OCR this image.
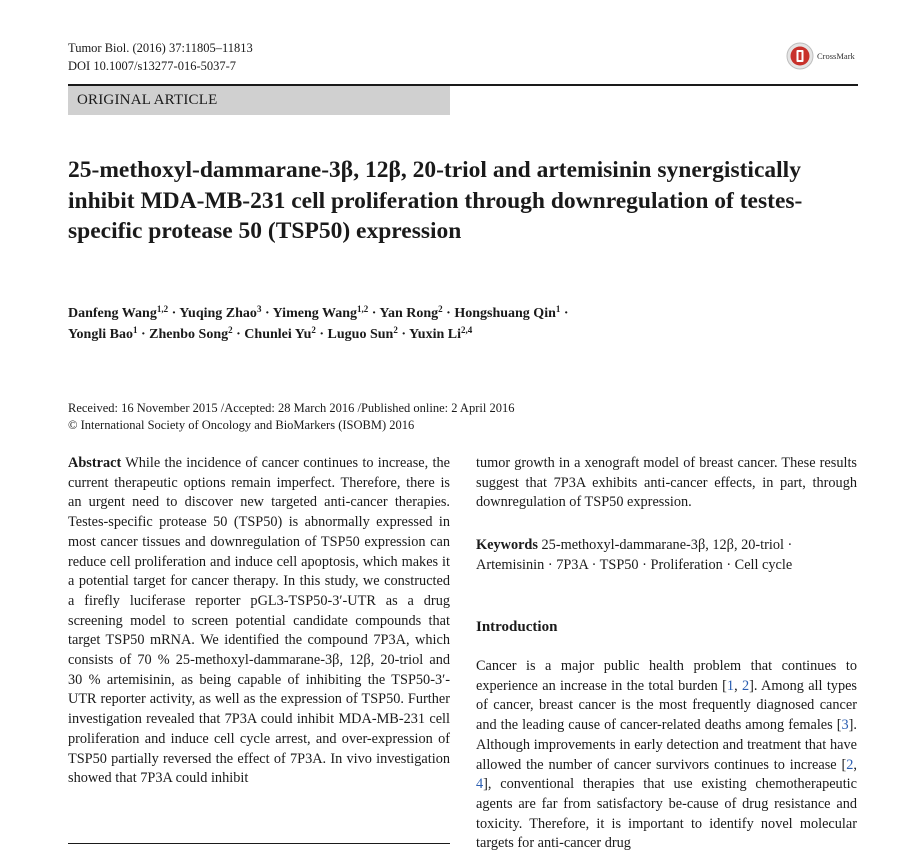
Tumor Biol. (2016) 37:11805–11813
DOI 10.1007/s13277-016-5037-7
CrossMark
ORIGINAL ARTICLE
25-methoxyl-dammarane-3β, 12β, 20-triol and artemisinin synergistically inhibit MDA-MB-231 cell proliferation through downregulation of testes-specific protease 50 (TSP50) expression
Danfeng Wang$^{1,2}$ · Yuqing Zhao$^3$ · Yimeng Wang$^{1,2}$ · Yan Rong$^2$ · Hongshuang Qin$^1$ ·
Yongli Bao$^1$ · Zhenbo Song$^2$ · Chunlei $Yu^2$ · Luguo Sun$^2$ · Yuxin Li$^{2,4}$
Received: 16 November 2015 /Accepted: 28 March 2016 /Published online: 2 April 2016
© International Society of Oncology and BioMarkers (ISOBM) 2016
Abstract While the incidence of cancer continues to increase, the current therapeutic options remain imperfect. Therefore, there is an urgent need to discover new targeted anti-cancer therapies. Testes-specific protease 50 (TSP50) is abnormally expressed in most cancer tissues and downregulation of TSP50 expression can reduce cell proliferation and induce cell apoptosis, which makes it a potential target for cancer therapy. In this study, we constructed a firefly luciferase reporter pGL3-TSP50-3′-UTR as a drug screening model to screen potential candidate compounds that target TSP50 mRNA. We identified the compound 7P3A, which consists of 70 % 25-methoxyl-dammarane-3β, 12β, 20-triol and 30 % artemisinin, as being capable of inhibiting the TSP50-3′-UTR reporter activity, as well as the expression of TSP50. Further investigation revealed that 7P3A could inhibit MDA-MB-231 cell proliferation and induce cell cycle arrest, and over-expression of TSP50 partially reversed the effect of 7P3A. In vivo investigation showed that 7P3A could inhibit

tumor growth in a xenograft model of breast cancer. These results suggest that 7P3A exhibits anti-cancer effects, in part, through downregulation of TSP50 expression.

Keywords 25-methoxyl-dammarane-3β, 12β, 20-triol · Artemisinin · 7P3A · TSP50 · Proliferation · Cell cycle

Introduction

Cancer is a major public health problem that continues to experience an increase in the total burden [1, 2]. Among all types of cancer, breast cancer is the most frequently diagnosed cancer and the leading cause of cancer-related deaths among females [3]. Although improvements in early detection and treatment that have allowed the number of cancer survivors continues to increase [2, 4], conventional therapies that use existing chemotherapeutic agents are far from satisfactory be-cause of drug resistance and toxicity. Therefore, it is important to identify novel molecular targets for anti-cancer drug
